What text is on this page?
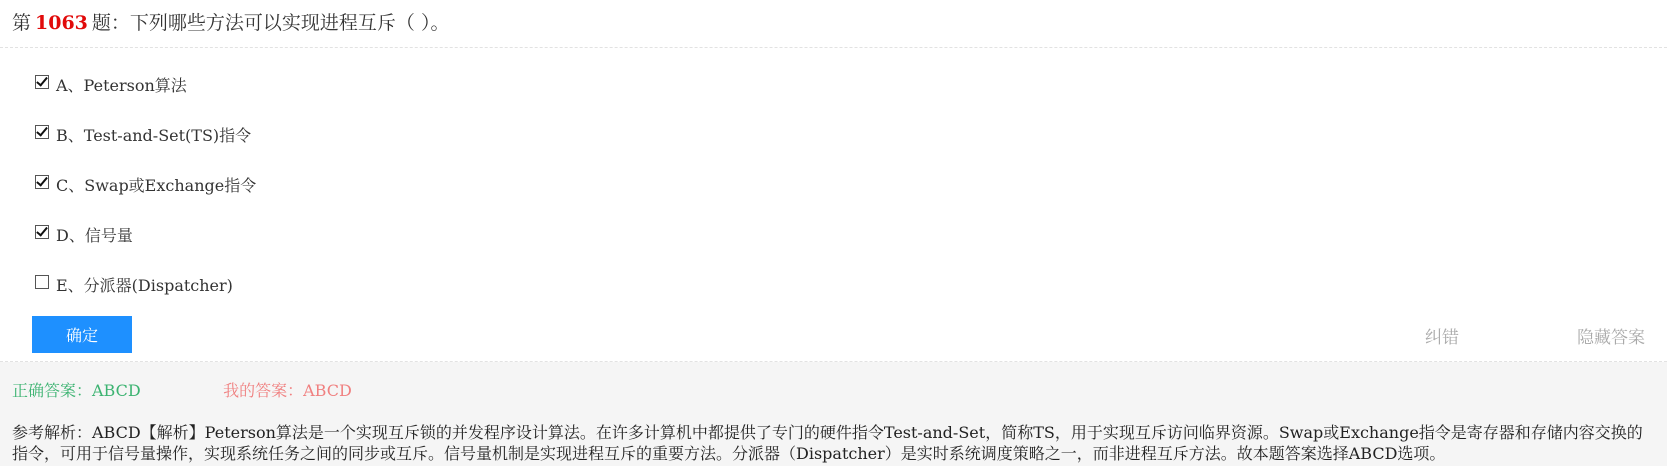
第 1063 题：下列哪些方法可以实现进程互斥（ ）。
A、Peterson算法
B、Test-and-Set(TS)指令
C、Swap或Exchange指令
D、信号量
E、分派器(Dispatcher)
确定	纠错	隐藏答案
正确答案：ABCD	我的答案：ABCD
参考解析：ABCD【解析】Peterson算法是一个实现互斥锁的并发程序设计算法。在许多计算机中都提供了专门的硬件指令Test-and-Set，简称TS，用于实现互斥访问临界资源。Swap或Exchange指令是寄存器和存储内容交换的指令，可用于信号量操作，实现系统任务之间的同步或互斥。信号量机制是实现进程互斥的重要方法。分派器（Dispatcher）是实时系统调度策略之一，而非进程互斥方法。故本题答案选择ABCD选项。
